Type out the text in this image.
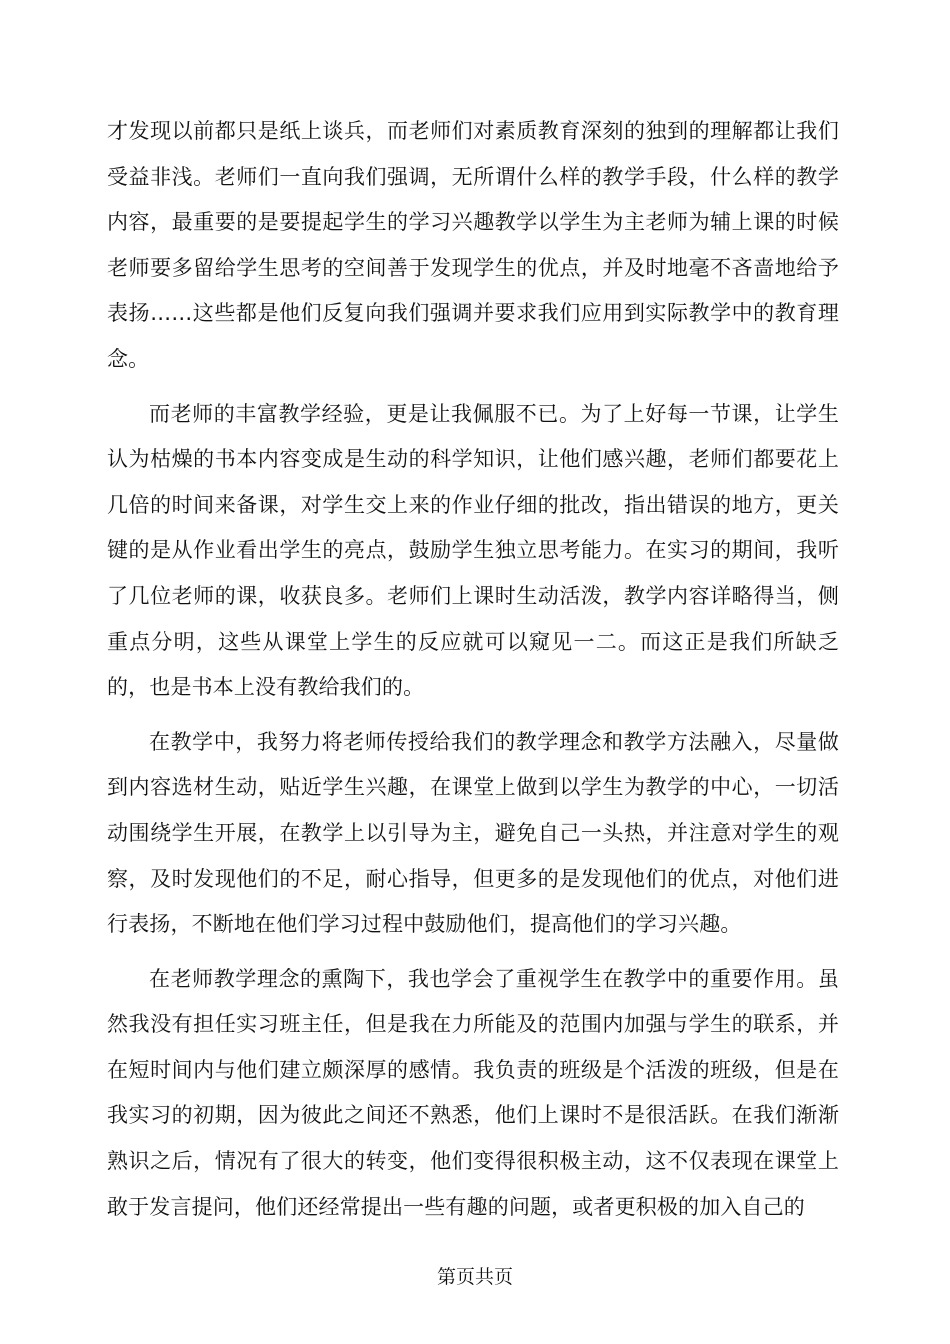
才发现以前都只是纸上谈兵，而老师们对素质教育深刻的独到的理解都让我们受益非浅。老师们一直向我们强调，无所谓什么样的教学手段，什么样的教学内容，最重要的是要提起学生的学习兴趣教学以学生为主老师为辅上课的时候老师要多留给学生思考的空间善于发现学生的优点，并及时地毫不吝啬地给予表扬……这些都是他们反复向我们强调并要求我们应用到实际教学中的教育理念。

而老师的丰富教学经验，更是让我佩服不已。为了上好每一节课，让学生认为枯燥的书本内容变成是生动的科学知识，让他们感兴趣，老师们都要花上几倍的时间来备课，对学生交上来的作业仔细的批改，指出错误的地方，更关键的是从作业看出学生的亮点，鼓励学生独立思考能力。在实习的期间，我听了几位老师的课，收获良多。老师们上课时生动活泼，教学内容详略得当，侧重点分明，这些从课堂上学生的反应就可以窥见一二。而这正是我们所缺乏的，也是书本上没有教给我们的。

在教学中，我努力将老师传授给我们的教学理念和教学方法融入，尽量做到内容选材生动，贴近学生兴趣，在课堂上做到以学生为教学的中心，一切活动围绕学生开展，在教学上以引导为主，避免自己一头热，并注意对学生的观察，及时发现他们的不足，耐心指导，但更多的是发现他们的优点，对他们进行表扬，不断地在他们学习过程中鼓励他们，提高他们的学习兴趣。

在老师教学理念的熏陶下，我也学会了重视学生在教学中的重要作用。虽然我没有担任实习班主任，但是我在力所能及的范围内加强与学生的联系，并在短时间内与他们建立颇深厚的感情。我负责的班级是个活泼的班级，但是在我实习的初期，因为彼此之间还不熟悉，他们上课时不是很活跃。在我们渐渐熟识之后，情况有了很大的转变，他们变得很积极主动，这不仅表现在课堂上敢于发言提问，他们还经常提出一些有趣的问题，或者更积极的加入自己的

第页共页
